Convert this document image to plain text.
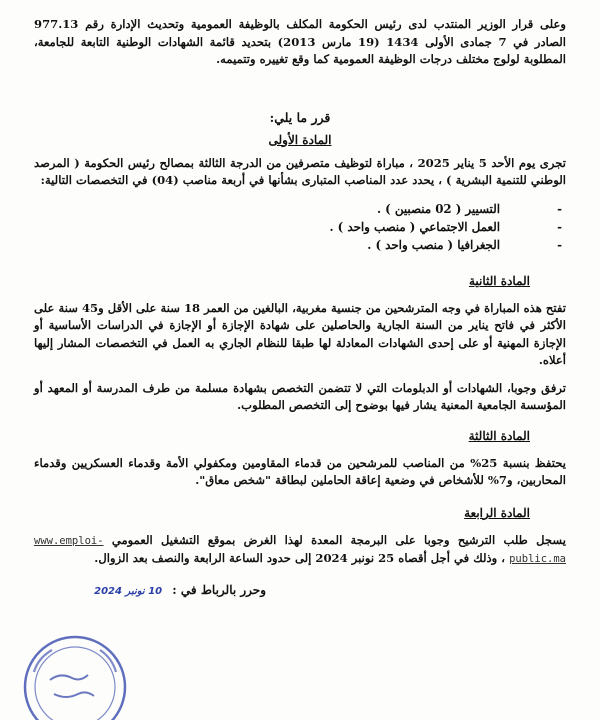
وعلى قرار الوزير المنتدب لدى رئيس الحكومة المكلف بالوظيفة العمومية وتحديث الإدارة رقم 977.13 الصادر في 7 جمادى الأولى 1434 (19 مارس 2013) بتحديد قائمة الشهادات الوطنية التابعة للجامعة، المطلوبة لولوج مختلف درجات الوظيفة العمومية كما وقع تغييره وتتميمه.

قرر ما يلي:
المادة الأولى

تجرى يوم الأحد 5 يناير 2025 ، مباراة لتوظيف متصرفين من الدرجة الثالثة بمصالح رئيس الحكومة ( المرصد الوطني للتنمية البشرية ) ، يحدد عدد المناصب المتبارى بشأنها في أربعة مناصب (04) في التخصصات التالية:

-
التسيير ( 02 منصبين ) .
-
العمل الاجتماعي ( منصب واحد ) .
-
الجغرافيا ( منصب واحد ) .
المادة الثانية

تفتح هذه المباراة في وجه المترشحين من جنسية مغربية، البالغين من العمر 18 سنة على الأقل و45 سنة على الأكثر في فاتح يناير من السنة الجارية والحاصلين على شهادة الإجازة أو الإجازة في الدراسات الأساسية أو الإجازة المهنية أو على إحدى الشهادات المعادلة لها طبقا للنظام الجاري به العمل في التخصصات المشار إليها أعلاه.

ترفق وجوبا، الشهادات أو الدبلومات التي لا تتضمن التخصص بشهادة مسلمة من طرف المدرسة أو المعهد أو المؤسسة الجامعية المعنية يشار فيها بوضوح إلى التخصص المطلوب.

المادة الثالثة

يحتفظ بنسبة 25% من المناصب للمرشحين من قدماء المقاومين ومكفولي الأمة وقدماء العسكريين وقدماء المحاربين، و7% للأشخاص في وضعية إعاقة الحاملين لبطاقة "شخص معاق".

المادة الرابعة

يسجل طلب الترشيح وجوبا على البرمجة المعدة لهذا الغرض بموقع التشغيل العمومي www.emploi-public.ma ، وذلك في أجل أقصاه 25 نونبر 2024 إلى حدود الساعة الرابعة والنصف بعد الزوال.

وحرر بالرباط في : 10 نونبر 2024
